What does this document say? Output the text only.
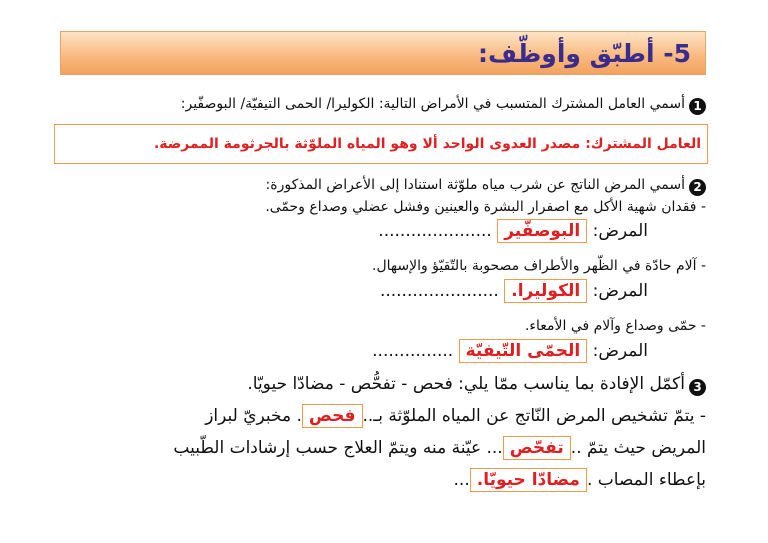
5- أطبّق وأوظّف:
1أسمي العامل المشترك المتسبب في الأمراض التالية: الكوليرا/ الحمى التيفيّة/ البوصفّير:
العامل المشترك: مصدر العدوى الواحد ألا وهو المياه الملوّثة بالجرثومة الممرضة.
2أسمي المرض الناتج عن شرب مياه ملوّثة استنادا إلى الأعراض المذكورة:
- فقدان شهية الأكل مع اصفرار البشرة والعينين وفشل عضلي وصداع وحمّى.
المرض: البوصفّير .....................
- آلام حادّة في الظّهر والأطراف مصحوبة بالتّقيّؤ والإسهال.
المرض: الكوليرا. ......................
- حمّى وصداع وآلام في الأمعاء.
المرض: الحمّى التّيفيّة ...............
3أكمّل الإفادة بما يناسب ممّا يلي: فحص - تفحُّص - مضادّا حيويّا.
- يتمّ تشخيص المرض النّاتج عن المياه الملوّثة بـ..فحص. مخبريّ لبراز
المريض حيث يتمّ ..تفحّص... عيّنة منه ويتمّ العلاج حسب إرشادات الطّبيب
بإعطاء المصاب .مضادّا حيويّا....
